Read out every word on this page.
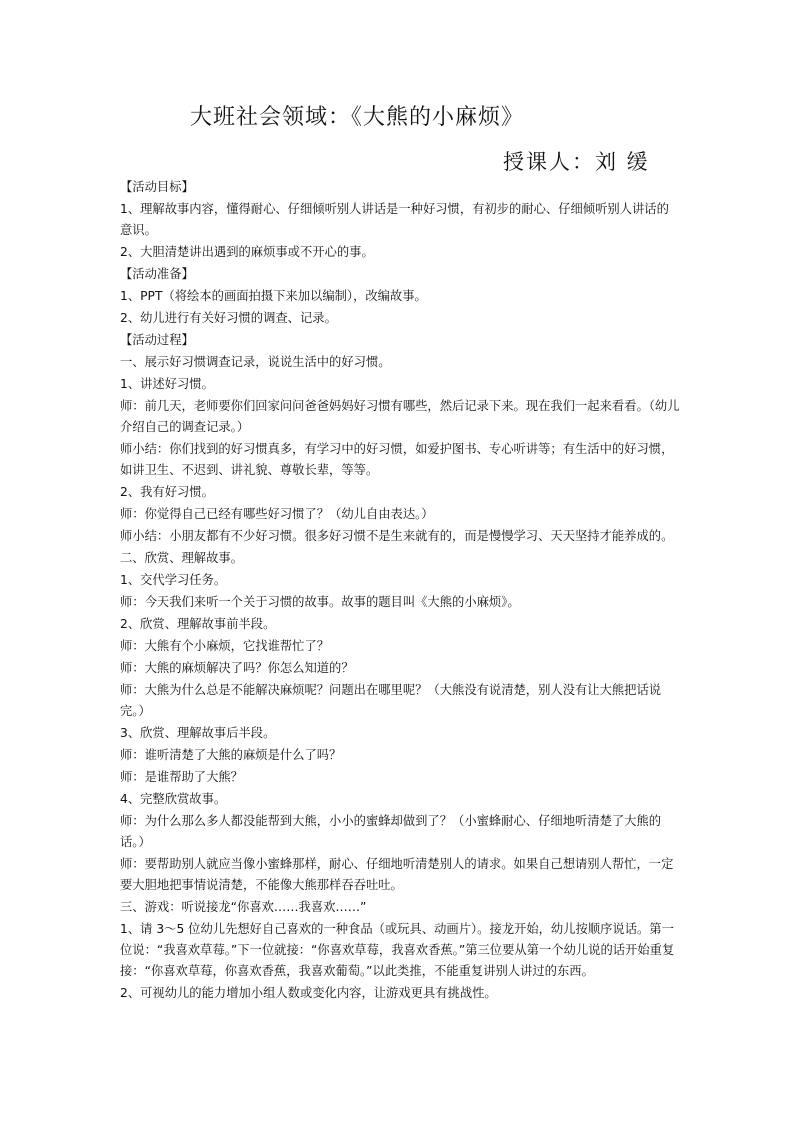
大班社会领域：《大熊的小麻烦》
授课人：刘 缓

【活动目标】

1、理解故事内容，懂得耐心、仔细倾听别人讲话是一种好习惯，有初步的耐心、仔细倾听别人讲话的意识。

2、大胆清楚讲出遇到的麻烦事或不开心的事。

【活动准备】

1、PPT（将绘本的画面拍摄下来加以编制），改编故事。

2、幼儿进行有关好习惯的调查、记录。

【活动过程】

一、展示好习惯调查记录，说说生活中的好习惯。

1、讲述好习惯。

师：前几天，老师要你们回家问问爸爸妈妈好习惯有哪些，然后记录下来。现在我们一起来看看。（幼儿介绍自己的调查记录。）

师小结：你们找到的好习惯真多，有学习中的好习惯，如爱护图书、专心听讲等；有生活中的好习惯，如讲卫生、不迟到、讲礼貌、尊敬长辈，等等。

2、我有好习惯。

师：你觉得自己已经有哪些好习惯了？（幼儿自由表达。）

师小结：小朋友都有不少好习惯。很多好习惯不是生来就有的，而是慢慢学习、天天坚持才能养成的。

二、欣赏、理解故事。

1、交代学习任务。

师：今天我们来听一个关于习惯的故事。故事的题目叫《大熊的小麻烦》。

2、欣赏、理解故事前半段。

师：大熊有个小麻烦，它找谁帮忙了？

师：大熊的麻烦解决了吗？你怎么知道的？

师：大熊为什么总是不能解决麻烦呢？问题出在哪里呢？（大熊没有说清楚，别人没有让大熊把话说完。）

3、欣赏、理解故事后半段。

师：谁听清楚了大熊的麻烦是什么了吗？

师：是谁帮助了大熊？

4、完整欣赏故事。

师：为什么那么多人都没能帮到大熊，小小的蜜蜂却做到了？（小蜜蜂耐心、仔细地听清楚了大熊的话。）

师：要帮助别人就应当像小蜜蜂那样，耐心、仔细地听清楚别人的请求。如果自己想请别人帮忙，一定要大胆地把事情说清楚，不能像大熊那样吞吞吐吐。

三、游戏：听说接龙“你喜欢……我喜欢……”

1、请 3～5 位幼儿先想好自己喜欢的一种食品（或玩具、动画片）。接龙开始，幼儿按顺序说话。第一位说：“我喜欢草莓。”下一位就接：“你喜欢草莓，我喜欢香蕉。”第三位要从第一个幼儿说的话开始重复接：“你喜欢草莓，你喜欢香蕉，我喜欢葡萄。”以此类推，不能重复讲别人讲过的东西。

2、可视幼儿的能力增加小组人数或变化内容，让游戏更具有挑战性。
